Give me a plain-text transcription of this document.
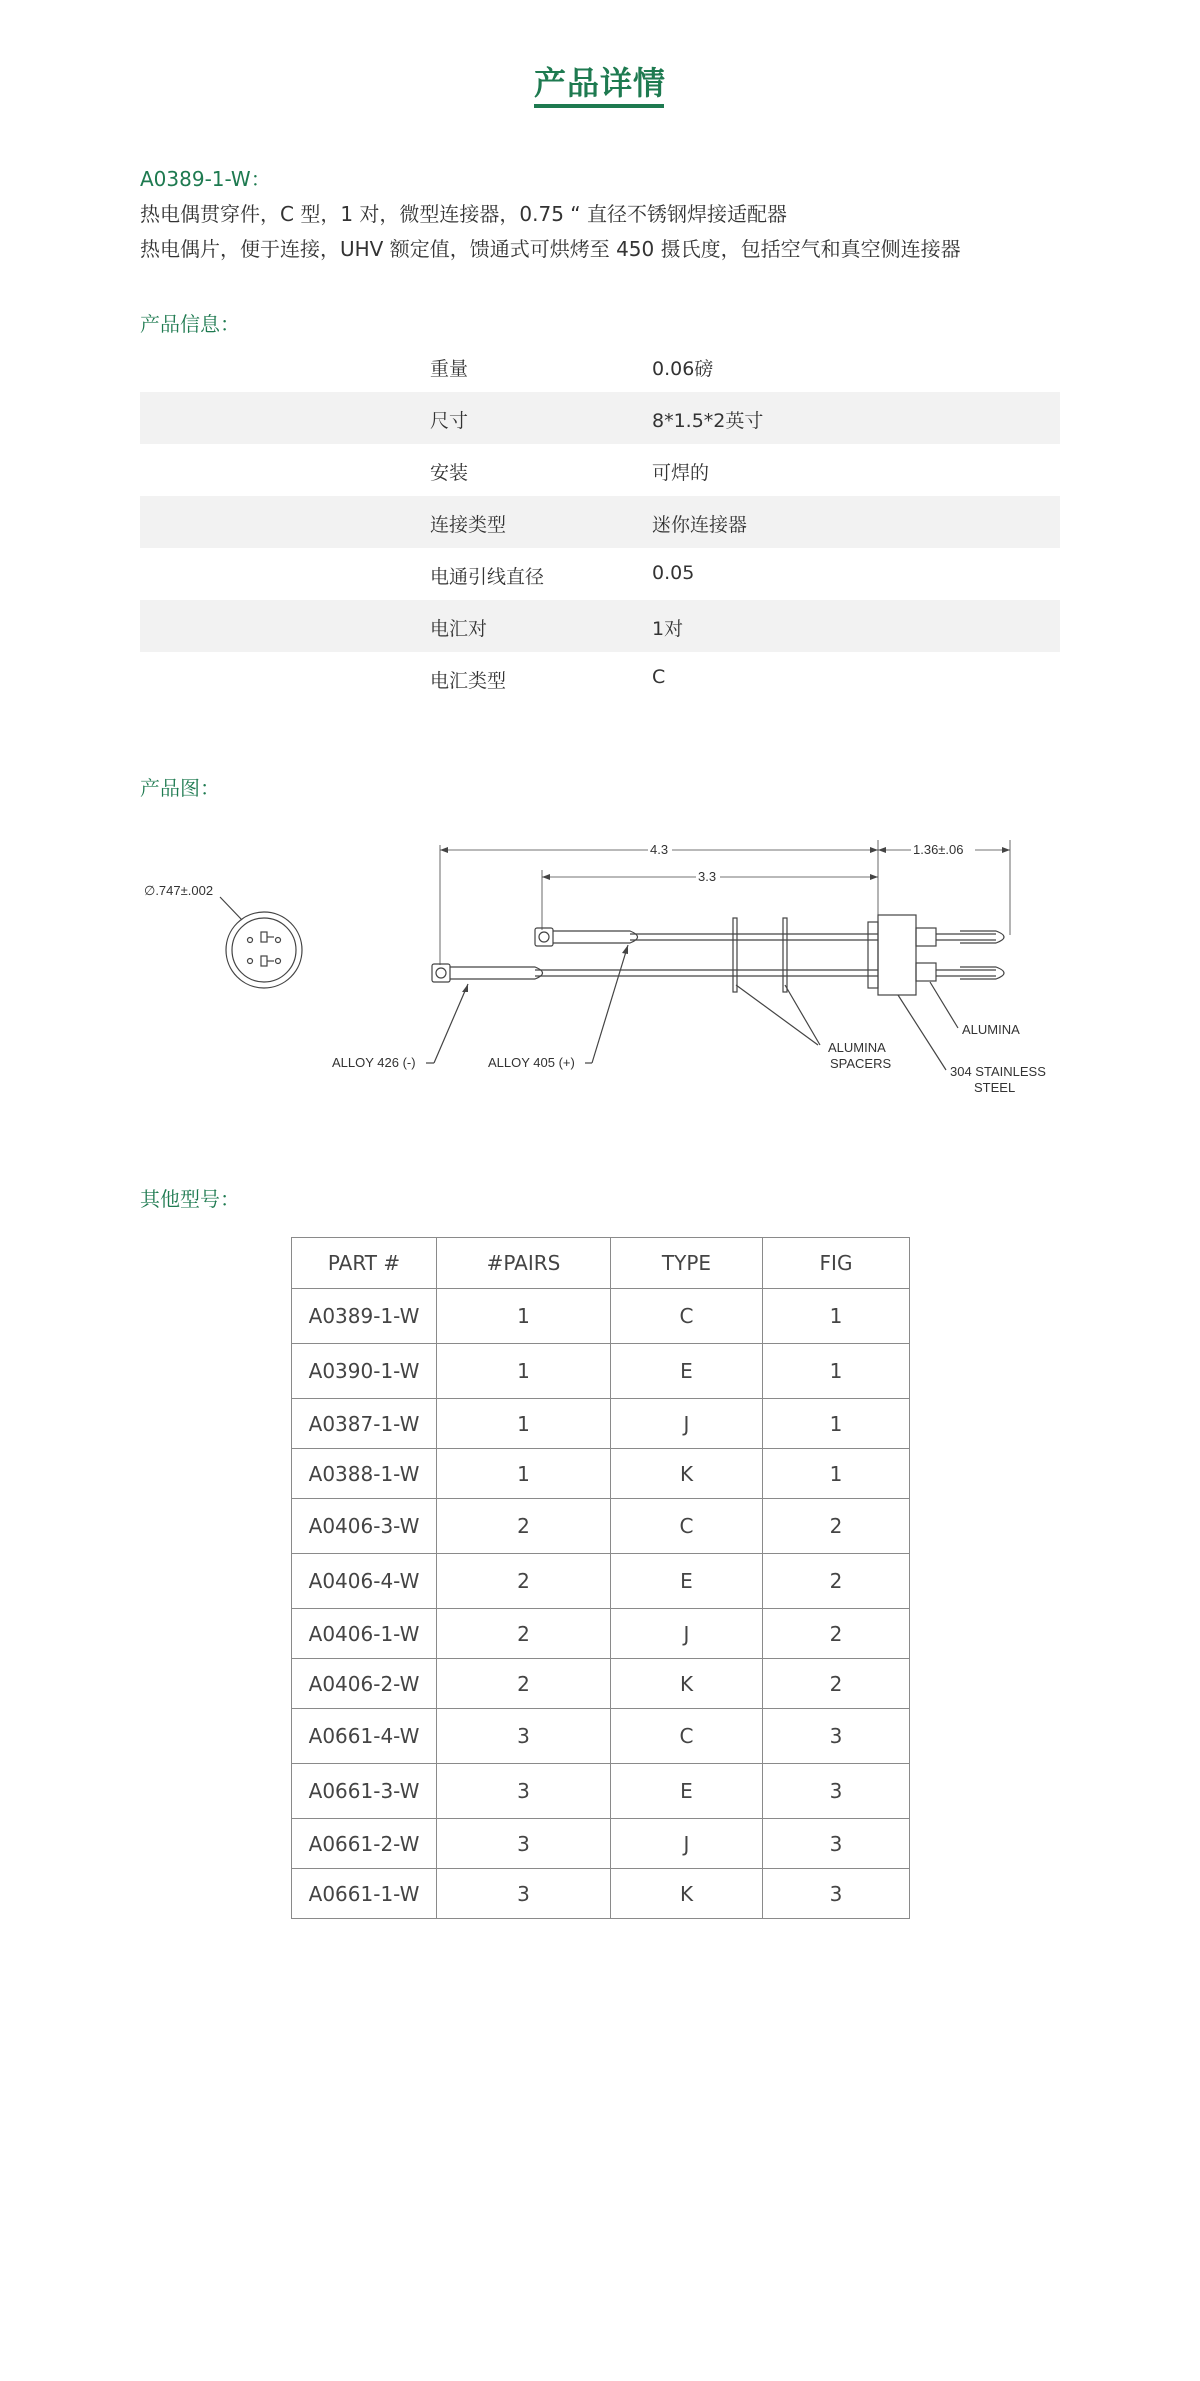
产品详情
A0389-1-W：
热电偶贯穿件，C 型，1 对，微型连接器，0.75 “ 直径不锈钢焊接适配器
热电偶片，便于连接，UHV 额定值，馈通式可烘烤至 450 摄氏度，包括空气和真空侧连接器
产品信息：
重量	0.06磅
尺寸	8*1.5*2英寸
安装	可焊的
连接类型	迷你连接器
电通引线直径	0.05
电汇对	1对
电汇类型	C
产品图：
∅.747±.002
4.3
3.3
1.36±.06
ALLOY 426 (-)	ALLOY 405 (+)
ALUMINA
SPACERS
ALUMINA
304 STAINLESS
STEEL
其他型号：
PART #	#PAIRS	TYPE	FIG
A0389-1-W	1	C	1
A0390-1-W	1	E	1
A0387-1-W	1	J	1
A0388-1-W	1	K	1
A0406-3-W	2	C	2
A0406-4-W	2	E	2
A0406-1-W	2	J	2
A0406-2-W	2	K	2
A0661-4-W	3	C	3
A0661-3-W	3	E	3
A0661-2-W	3	J	3
A0661-1-W	3	K	3
